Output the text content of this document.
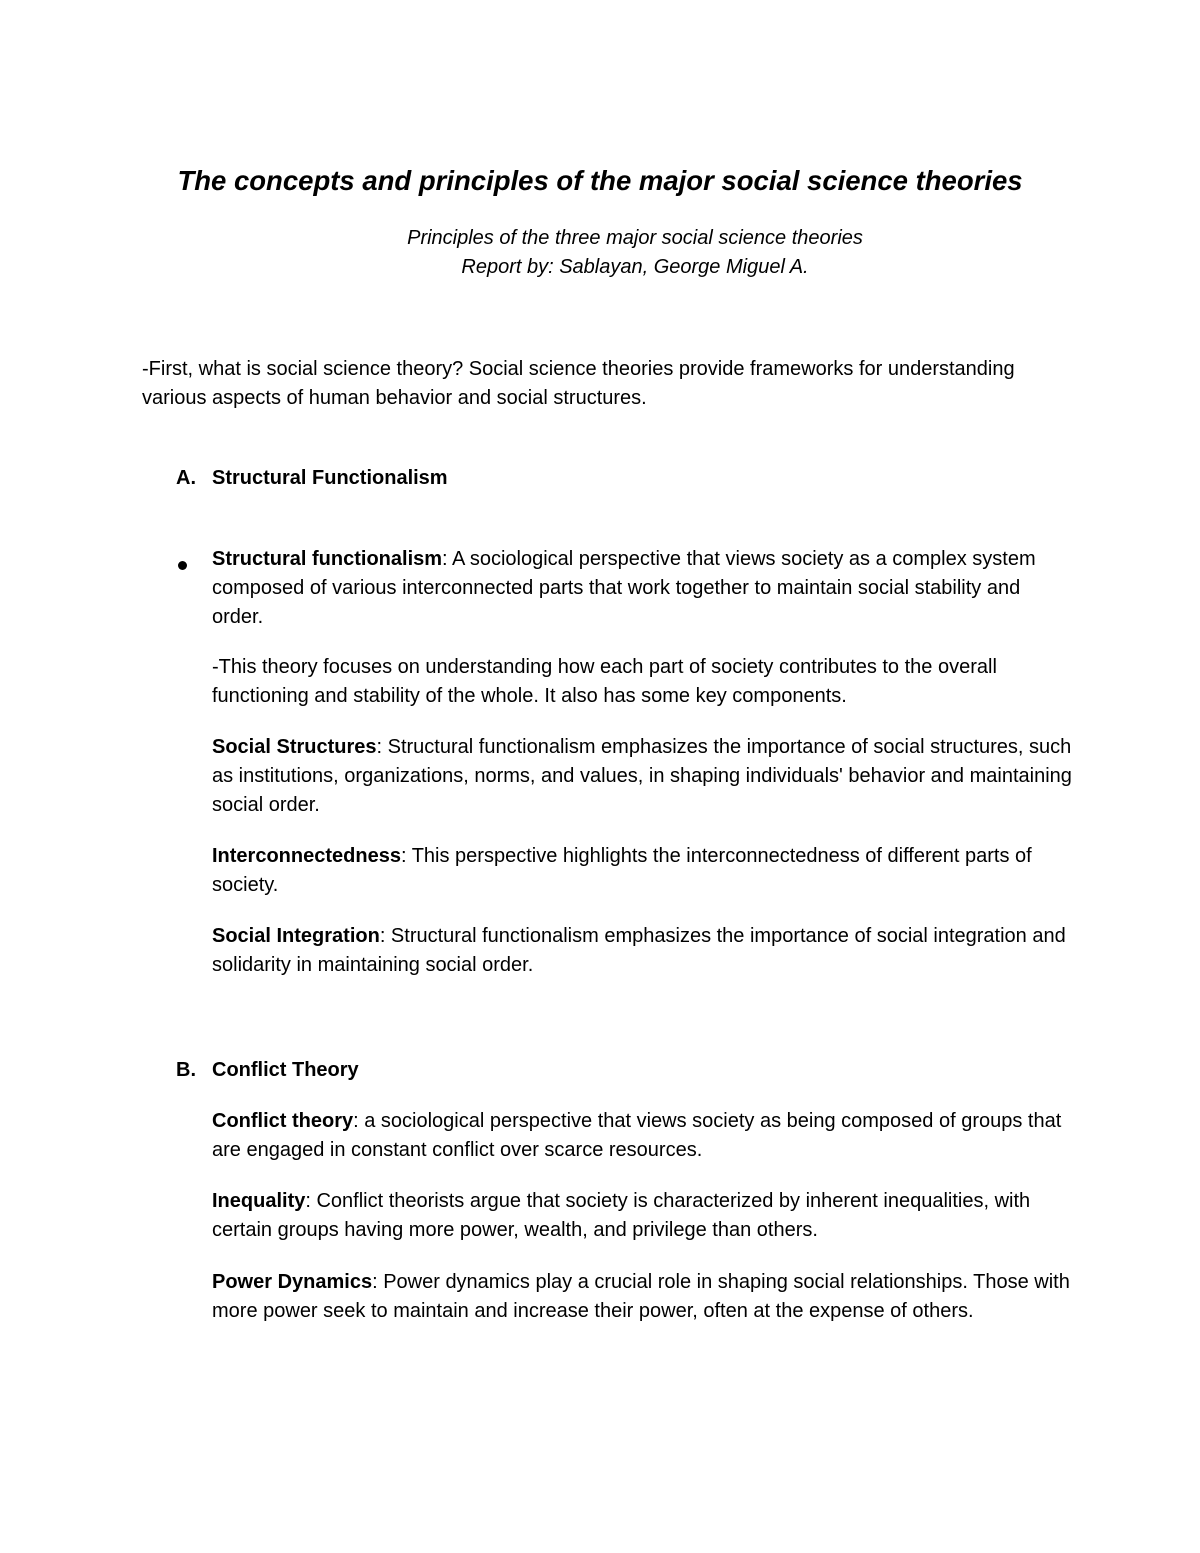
The concepts and principles of the major social science theories
Principles of the three major social science theories
Report by: Sablayan, George Miguel A.

-First, what is social science theory? Social science theories provide frameworks for understanding various aspects of human behavior and social structures.

A. Structural Functionalism

Structural functionalism: A sociological perspective that views society as a complex system composed of various interconnected parts that work together to maintain social stability and order.

-This theory focuses on understanding how each part of society contributes to the overall functioning and stability of the whole. It also has some key components.

Social Structures: Structural functionalism emphasizes the importance of social structures, such as institutions, organizations, norms, and values, in shaping individuals' behavior and maintaining social order.

Interconnectedness: This perspective highlights the interconnectedness of different parts of society.

Social Integration: Structural functionalism emphasizes the importance of social integration and solidarity in maintaining social order.

B. Conflict Theory

Conflict theory: a sociological perspective that views society as being composed of groups that are engaged in constant conflict over scarce resources.

Inequality: Conflict theorists argue that society is characterized by inherent inequalities, with certain groups having more power, wealth, and privilege than others.

Power Dynamics: Power dynamics play a crucial role in shaping social relationships. Those with more power seek to maintain and increase their power, often at the expense of others.
